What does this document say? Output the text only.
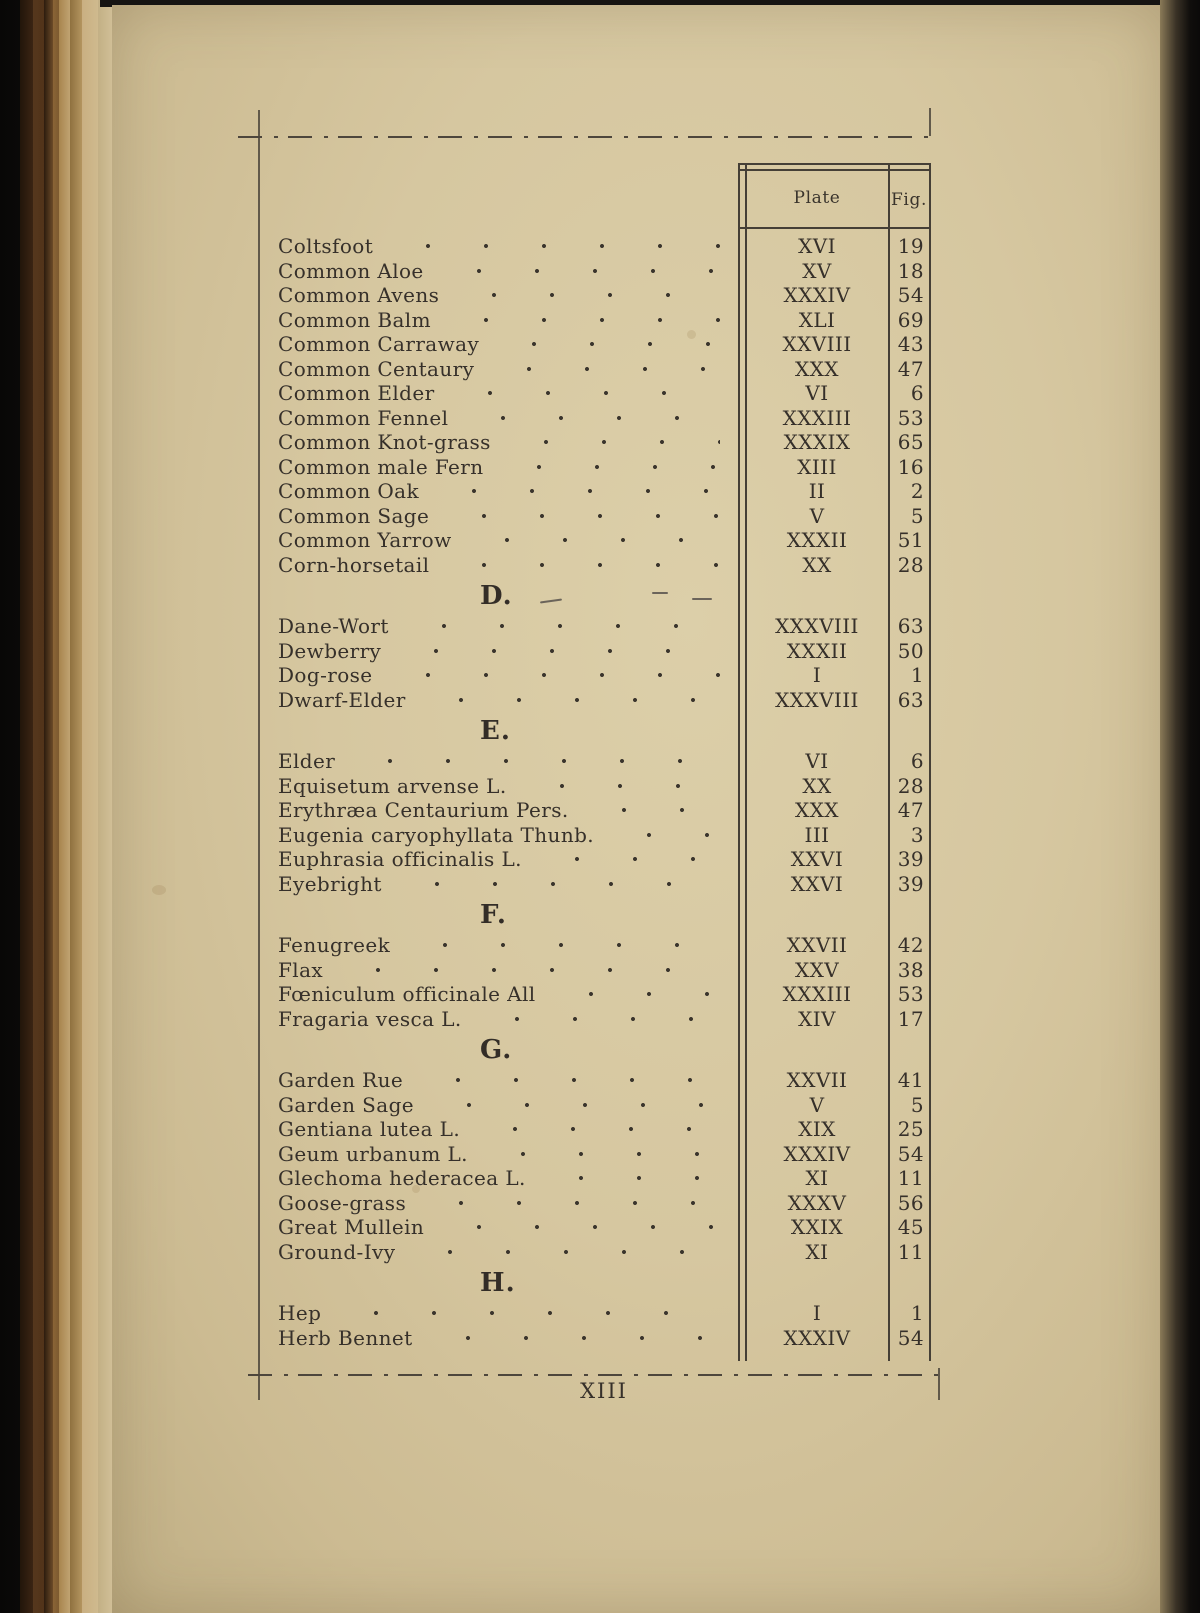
Plate	Fig.
Coltsfoot	XVI	19
Common Aloe	XV	18
Common Avens	XXXIV	54
Common Balm	XLI	69
Common Carraway	XXVIII	43
Common Centaury	XXX	47
Common Elder	VI	6
Common Fennel	XXXIII	53
Common Knot-grass	XXXIX	65
Common male Fern	XIII	16
Common Oak	II	2
Common Sage	V	5
Common Yarrow	XXXII	51
Corn-horsetail	XX	28
D.
Dane-Wort	XXXVIII	63
Dewberry	XXXII	50
Dog-rose	I	1
Dwarf-Elder	XXXVIII	63
E.
Elder	VI	6
Equisetum arvense L.	XX	28
Erythræa Centaurium Pers.	XXX	47
Eugenia caryophyllata Thunb.	III	3
Euphrasia officinalis L.	XXVI	39
Eyebright	XXVI	39
F.
Fenugreek	XXVII	42
Flax	XXV	38
Fœniculum officinale All	XXXIII	53
Fragaria vesca L.	XIV	17
G.
Garden Rue	XXVII	41
Garden Sage	V	5
Gentiana lutea L.	XIX	25
Geum urbanum L.	XXXIV	54
Glechoma hederacea L.	XI	11
Goose-grass	XXXV	56
Great Mullein	XXIX	45
Ground-Ivy	XI	11
H.
Hep	I	1
Herb Bennet	XXXIV	54
XIII
